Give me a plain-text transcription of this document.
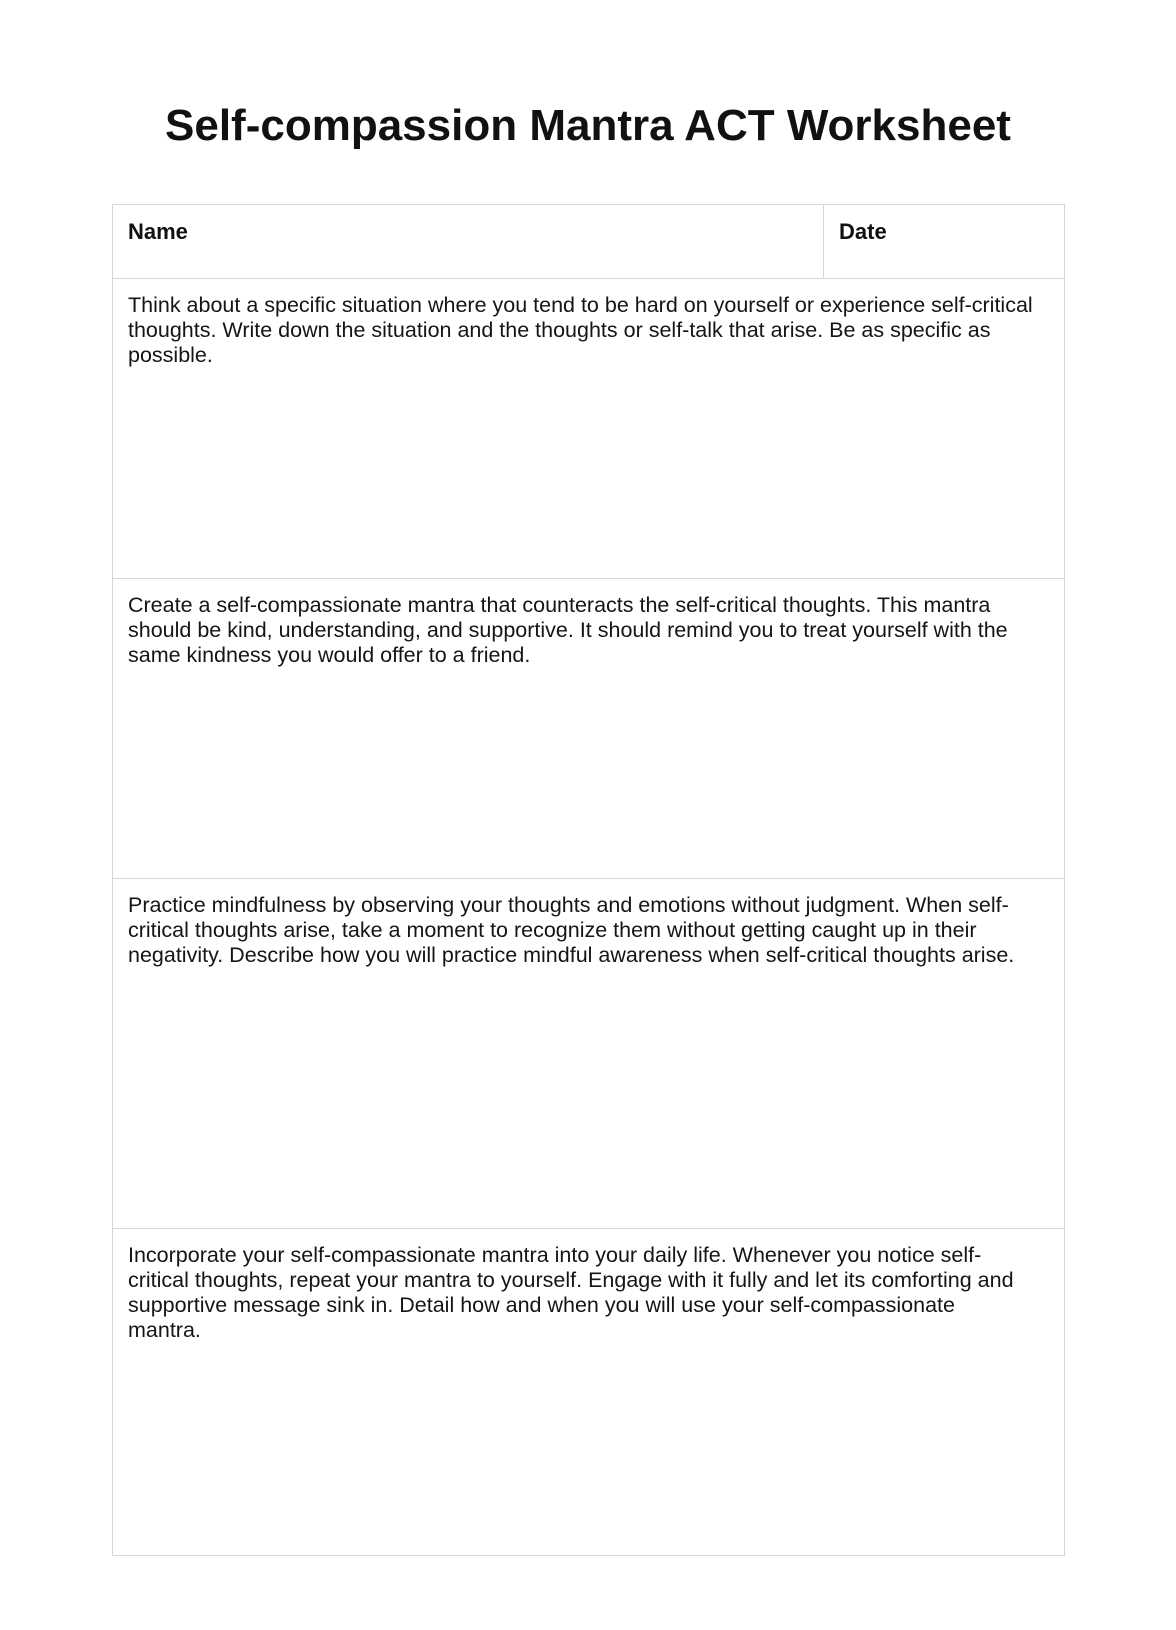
Self-compassion Mantra ACT Worksheet
Name	Date

Think about a specific situation where you tend to be hard on yourself or experience self-critical thoughts. Write down the situation and the thoughts or self-talk that arise. Be as specific as possible.

Create a self-compassionate mantra that counteracts the self-critical thoughts. This mantra should be kind, understanding, and supportive. It should remind you to treat yourself with the same kindness you would offer to a friend.

Practice mindfulness by observing your thoughts and emotions without judgment. When self-critical thoughts arise, take a moment to recognize them without getting caught up in their negativity. Describe how you will practice mindful awareness when self-critical thoughts arise.

Incorporate your self-compassionate mantra into your daily life. Whenever you notice self-critical thoughts, repeat your mantra to yourself. Engage with it fully and let its comforting and supportive message sink in. Detail how and when you will use your self-compassionate mantra.
